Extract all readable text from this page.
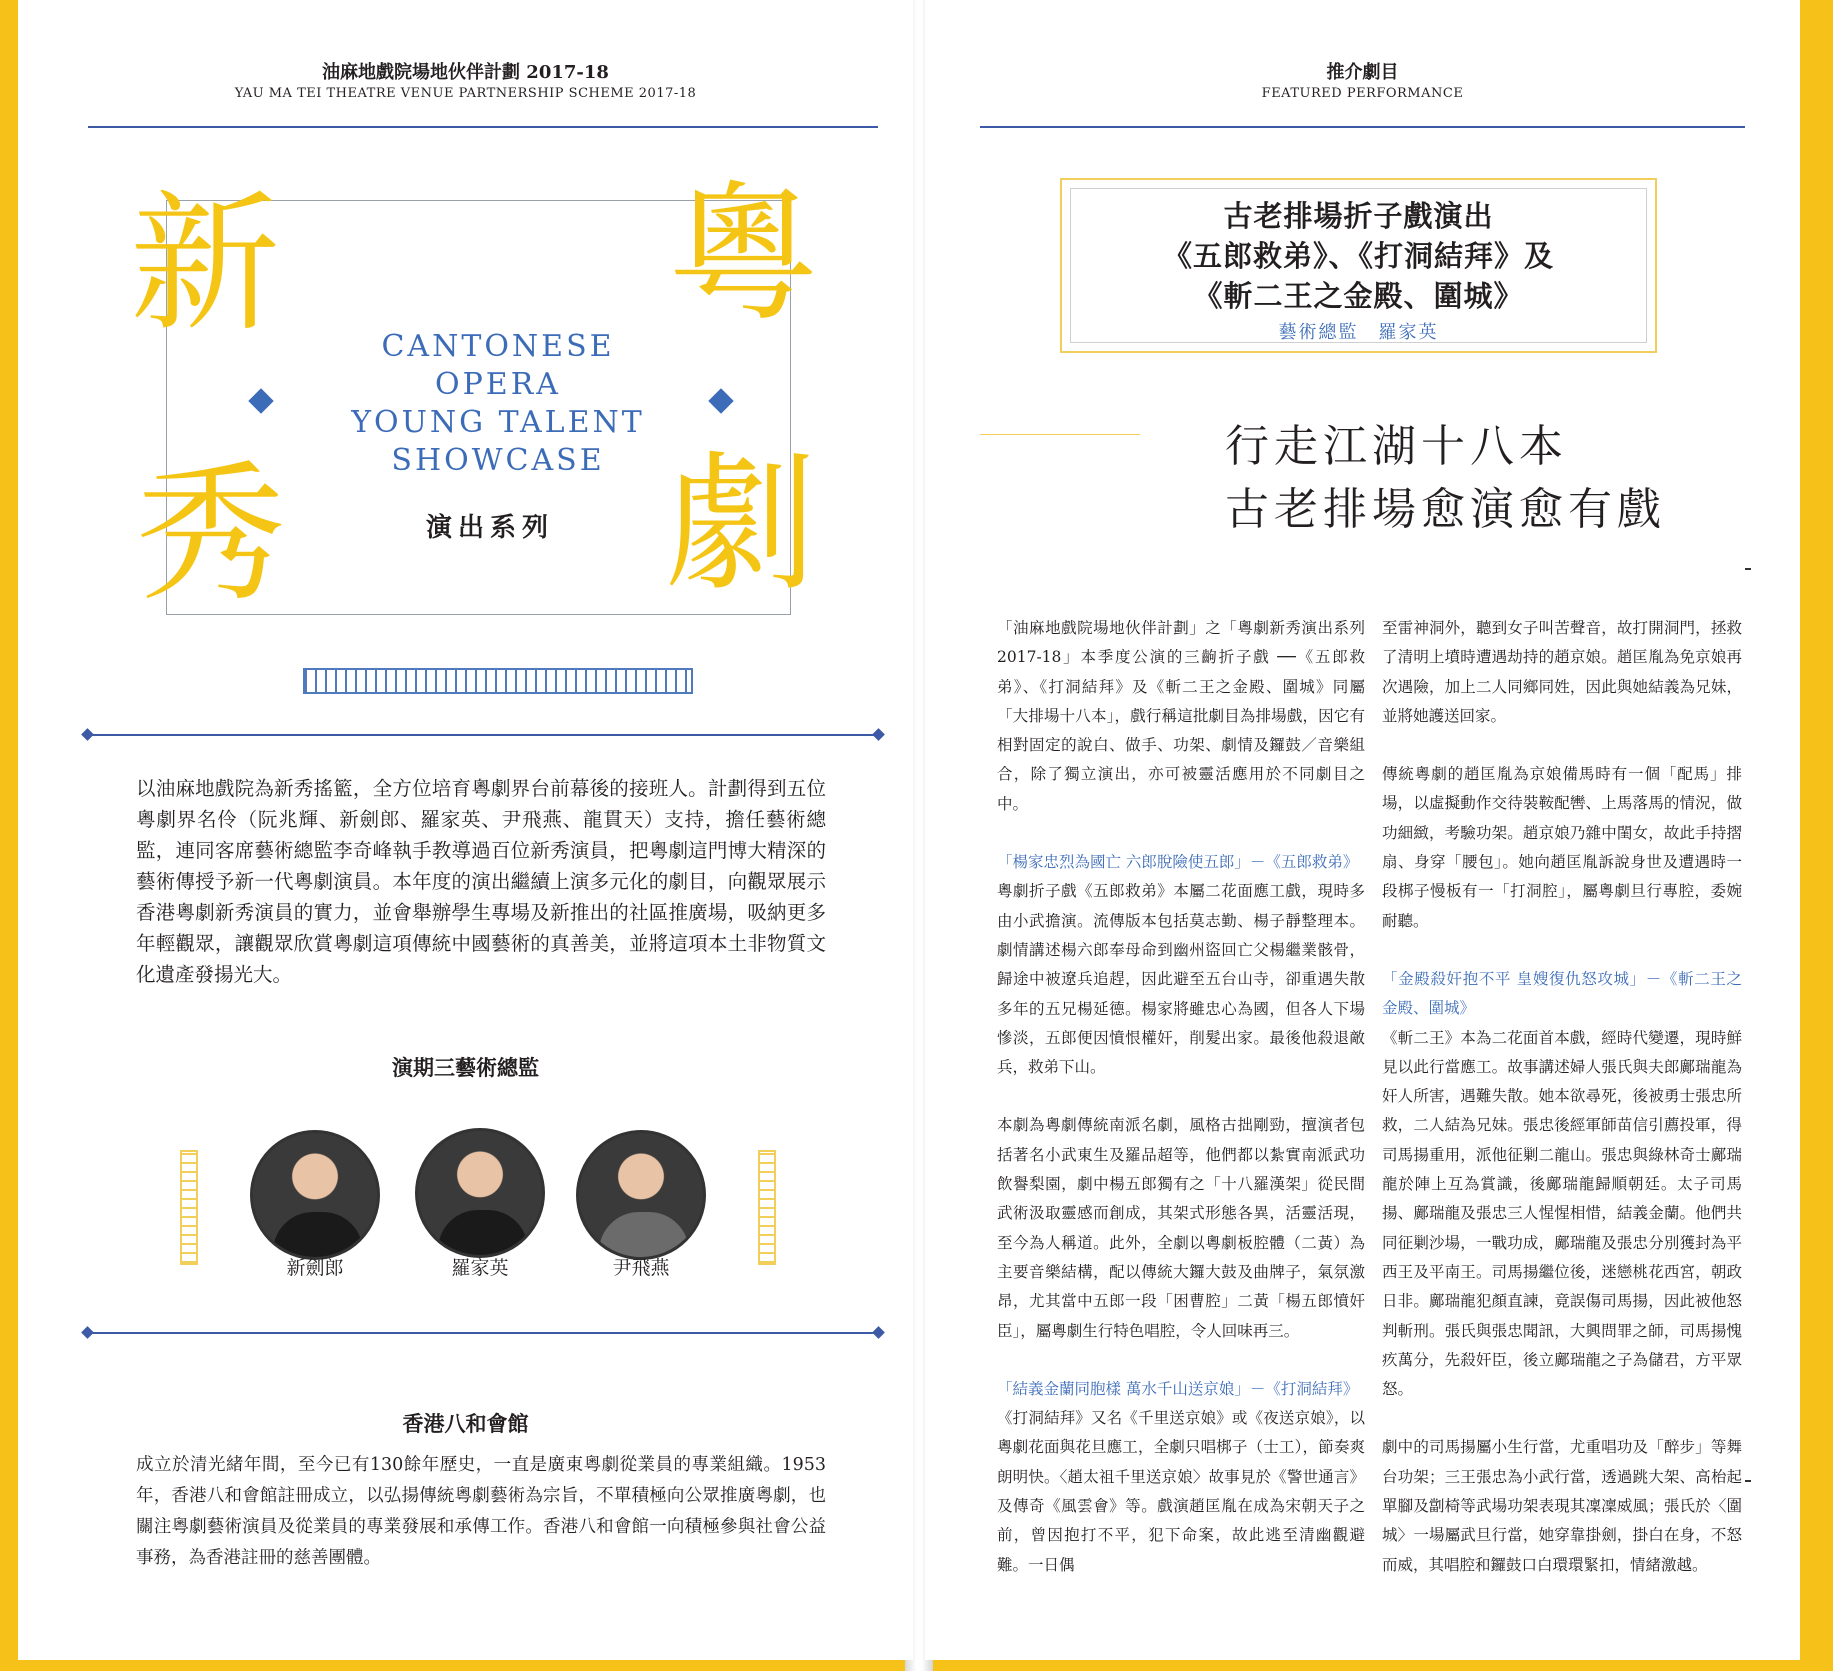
油麻地戲院場地伙伴計劃 2017-18
YAU MA TEI THEATRE VENUE PARTNERSHIP SCHEME 2017-18
新
秀
粵
劇
CANTONESE
OPERA
YOUNG TALENT
SHOWCASE
演出系列
以油麻地戲院為新秀搖籃，全方位培育粵劇界台前幕後的接班人。計劃得到五位粵劇界名伶（阮兆輝、新劍郎、羅家英、尹飛燕、龍貫天）支持，擔任藝術總監，連同客席藝術總監李奇峰執手教導過百位新秀演員，把粵劇這門博大精深的藝術傳授予新一代粵劇演員。本年度的演出繼續上演多元化的劇目，向觀眾展示香港粵劇新秀演員的實力，並會舉辦學生專場及新推出的社區推廣場，吸納更多年輕觀眾，讓觀眾欣賞粵劇這項傳統中國藝術的真善美，並將這項本土非物質文化遺產發揚光大。
演期三藝術總監
新劍郎	羅家英	尹飛燕
香港八和會館
成立於清光緒年間，至今已有130餘年歷史，一直是廣東粵劇從業員的專業組織。1953年，香港八和會館註冊成立，以弘揚傳統粵劇藝術為宗旨，不單積極向公眾推廣粵劇，也關注粵劇藝術演員及從業員的專業發展和承傳工作。香港八和會館一向積極參與社會公益事務，為香港註冊的慈善團體。
推介劇目
FEATURED PERFORMANCE
古老排場折子戲演出
《五郎救弟》、《打洞結拜》及
《斬二王之金殿、圍城》
藝術總監　羅家英
行走江湖十八本
古老排場愈演愈有戲

「油麻地戲院場地伙伴計劃」之「粵劇新秀演出系列2017-18」本季度公演的三齣折子戲 ──《五郎救弟》、《打洞結拜》及《斬二王之金殿、圍城》同屬「大排場十八本」，戲行稱這批劇目為排場戲，因它有相對固定的說白、做手、功架、劇情及鑼鼓／音樂組合，除了獨立演出，亦可被靈活應用於不同劇目之中。

「楊家忠烈為國亡 六郎脫險使五郎」－《五郎救弟》

粵劇折子戲《五郎救弟》本屬二花面應工戲，現時多由小武擔演。流傳版本包括莫志勤、楊子靜整理本。劇情講述楊六郎奉母命到幽州盜回亡父楊繼業骸骨，歸途中被遼兵追趕，因此避至五台山寺，卻重遇失散多年的五兄楊延德。楊家將雖忠心為國，但各人下場慘淡，五郎便因憤恨權奸，削髮出家。最後他殺退敵兵，救弟下山。

本劇為粵劇傳統南派名劇，風格古拙剛勁，擅演者包括著名小武東生及羅品超等，他們都以紮實南派武功飲譽梨園，劇中楊五郎獨有之「十八羅漢架」從民間武術汲取靈感而創成，其架式形態各異，活靈活現，至今為人稱道。此外，全劇以粵劇板腔體（二黃）為主要音樂結構，配以傳統大鑼大鼓及曲牌子，氣氛激昂，尤其當中五郎一段「困曹腔」二黃「楊五郎憤奸臣」，屬粵劇生行特色唱腔，令人回味再三。

「結義金蘭同胞樣 萬水千山送京娘」－《打洞結拜》

《打洞結拜》又名《千里送京娘》或《夜送京娘》，以粵劇花面與花旦應工，全劇只唱梆子（士工），節奏爽朗明快。〈趙太祖千里送京娘〉故事見於《警世通言》及傳奇《風雲會》等。戲演趙匡胤在成為宋朝天子之前，曾因抱打不平，犯下命案，故此逃至清幽觀避難。一日偶

至雷神洞外，聽到女子叫苦聲音，故打開洞門，拯救了清明上墳時遭遇劫持的趙京娘。趙匡胤為免京娘再次遇險，加上二人同鄉同姓，因此與她結義為兄妹，並將她護送回家。

傳統粵劇的趙匡胤為京娘備馬時有一個「配馬」排場，以虛擬動作交待裝鞍配轡、上馬落馬的情況，做功細緻，考驗功架。趙京娘乃雜中閨女，故此手持摺扇、身穿「腰包」。她向趙匡胤訴說身世及遭遇時一段梆子慢板有一「打洞腔」，屬粵劇旦行專腔，委婉耐聽。

「金殿殺奸抱不平 皇嫂復仇怒攻城」－《斬二王之金殿、圍城》

《斬二王》本為二花面首本戲，經時代變遷，現時鮮見以此行當應工。故事講述婦人張氏與夫郎鄺瑞龍為奸人所害，遇難失散。她本欲尋死，後被勇士張忠所救，二人結為兄妹。張忠後經軍師苗信引薦投軍，得司馬揚重用，派他征剿二龍山。張忠與綠林奇士鄺瑞龍於陣上互為賞識，後鄺瑞龍歸順朝廷。太子司馬揚、鄺瑞龍及張忠三人惺惺相惜，結義金蘭。他們共同征剿沙場，一戰功成，鄺瑞龍及張忠分別獲封為平西王及平南王。司馬揚繼位後，迷戀桃花西宮，朝政日非。鄺瑞龍犯顏直諫，竟誤傷司馬揚，因此被他怒判斬刑。張氏與張忠聞訊，大興問罪之師，司馬揚愧疚萬分，先殺奸臣，後立鄺瑞龍之子為儲君，方平眾怒。

劇中的司馬揚屬小生行當，尤重唱功及「醉步」等舞台功架；三王張忠為小武行當，透過跳大架、高枱起單腳及劏椅等武場功架表現其凜凜威風；張氏於〈圍城〉一場屬武旦行當，她穿靠掛劍，掛白在身，不怒而威，其唱腔和鑼鼓口白環環緊扣，情緒激越。
